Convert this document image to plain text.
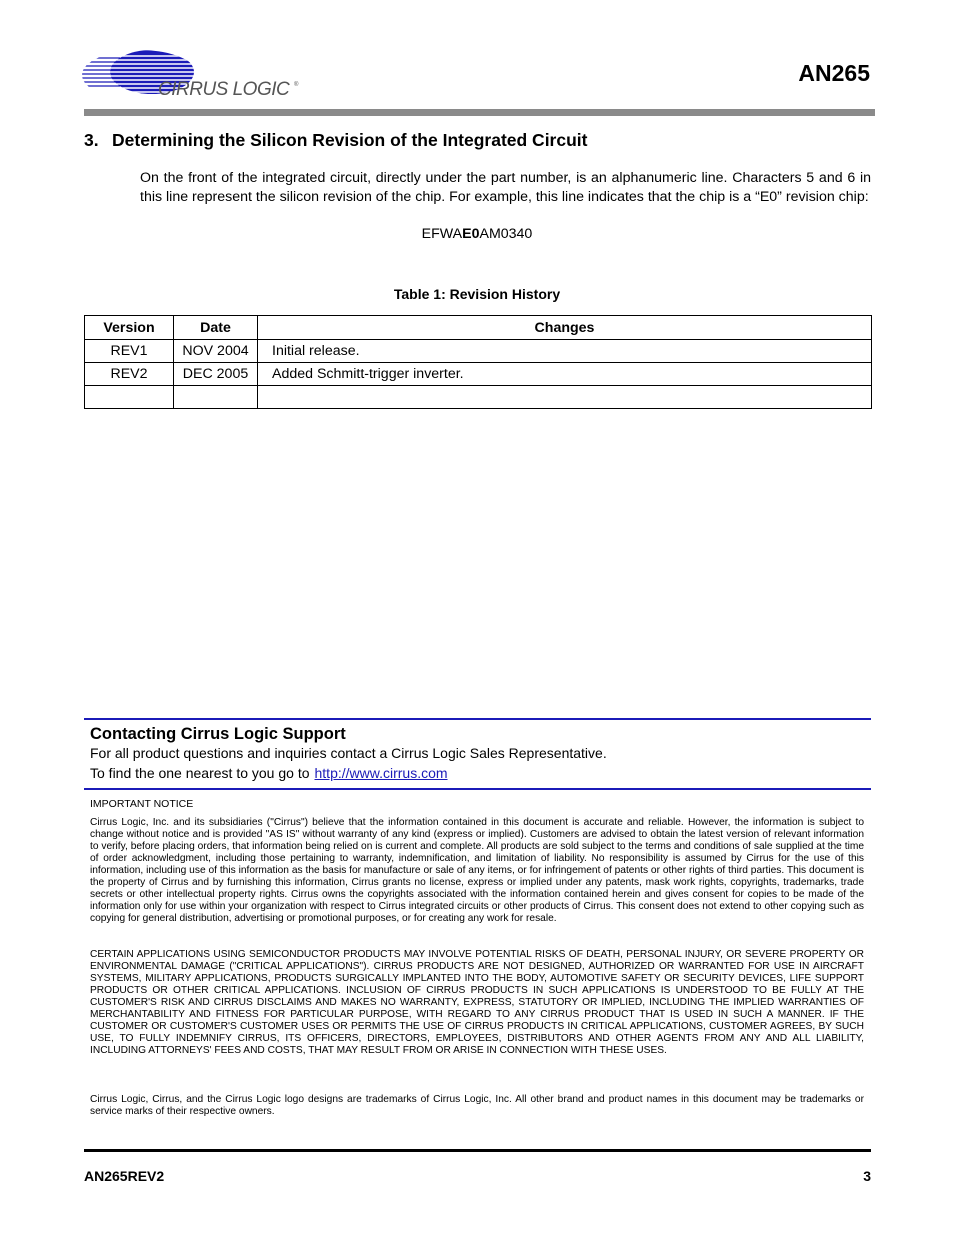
CIRRUS LOGIC ®	AN265
3. Determining the Silicon Revision of the Integrated Circuit
On the front of the integrated circuit, directly under the part number, is an alphanumeric line. Characters 5 and 6 in this line represent the silicon revision of the chip. For example, this line indicates that the chip is a “E0” revision chip:
EFWAE0AM0340
Table 1: Revision History
Version	Date	Changes
REV1	NOV 2004	Initial release.
REV2	DEC 2005	Added Schmitt-trigger inverter.

Contacting Cirrus Logic Support
For all product questions and inquiries contact a Cirrus Logic Sales Representative.
To find the one nearest to you go to http://www.cirrus.com
IMPORTANT NOTICE
Cirrus Logic, Inc. and its subsidiaries ("Cirrus") believe that the information contained in this document is accurate and reliable. However, the information is subject to change without notice and is provided "AS IS" without warranty of any kind (express or implied). Customers are advised to obtain the latest version of relevant information to verify, before placing orders, that information being relied on is current and complete. All products are sold subject to the terms and conditions of sale supplied at the time of order acknowledgment, including those pertaining to warranty, indemnification, and limitation of liability. No responsibility is assumed by Cirrus for the use of this information, including use of this information as the basis for manufacture or sale of any items, or for infringement of patents or other rights of third parties. This document is the property of Cirrus and by furnishing this information, Cirrus grants no license, express or implied under any patents, mask work rights, copyrights, trademarks, trade secrets or other intellectual property rights. Cirrus owns the copyrights associated with the information contained herein and gives consent for copies to be made of the information only for use within your organization with respect to Cirrus integrated circuits or other products of Cirrus. This consent does not extend to other copying such as copying for general distribution, advertising or promotional purposes, or for creating any work for resale.
CERTAIN APPLICATIONS USING SEMICONDUCTOR PRODUCTS MAY INVOLVE POTENTIAL RISKS OF DEATH, PERSONAL INJURY, OR SEVERE PROPERTY OR ENVIRONMENTAL DAMAGE ("CRITICAL APPLICATIONS"). CIRRUS PRODUCTS ARE NOT DESIGNED, AUTHORIZED OR WARRANTED FOR USE IN AIRCRAFT SYSTEMS, MILITARY APPLICATIONS, PRODUCTS SURGICALLY IMPLANTED INTO THE BODY, AUTOMOTIVE SAFETY OR SECURITY DEVICES, LIFE SUPPORT PRODUCTS OR OTHER CRITICAL APPLICATIONS. INCLUSION OF CIRRUS PRODUCTS IN SUCH APPLICATIONS IS UNDERSTOOD TO BE FULLY AT THE CUSTOMER'S RISK AND CIRRUS DISCLAIMS AND MAKES NO WARRANTY, EXPRESS, STATUTORY OR IMPLIED, INCLUDING THE IMPLIED WARRANTIES OF MERCHANTABILITY AND FITNESS FOR PARTICULAR PURPOSE, WITH REGARD TO ANY CIRRUS PRODUCT THAT IS USED IN SUCH A MANNER. IF THE CUSTOMER OR CUSTOMER'S CUSTOMER USES OR PERMITS THE USE OF CIRRUS PRODUCTS IN CRITICAL APPLICATIONS, CUSTOMER AGREES, BY SUCH USE, TO FULLY INDEMNIFY CIRRUS, ITS OFFICERS, DIRECTORS, EMPLOYEES, DISTRIBUTORS AND OTHER AGENTS FROM ANY AND ALL LIABILITY, INCLUDING ATTORNEYS' FEES AND COSTS, THAT MAY RESULT FROM OR ARISE IN CONNECTION WITH THESE USES.
Cirrus Logic, Cirrus, and the Cirrus Logic logo designs are trademarks of Cirrus Logic, Inc. All other brand and product names in this document may be trademarks or service marks of their respective owners.
AN265REV2	3
